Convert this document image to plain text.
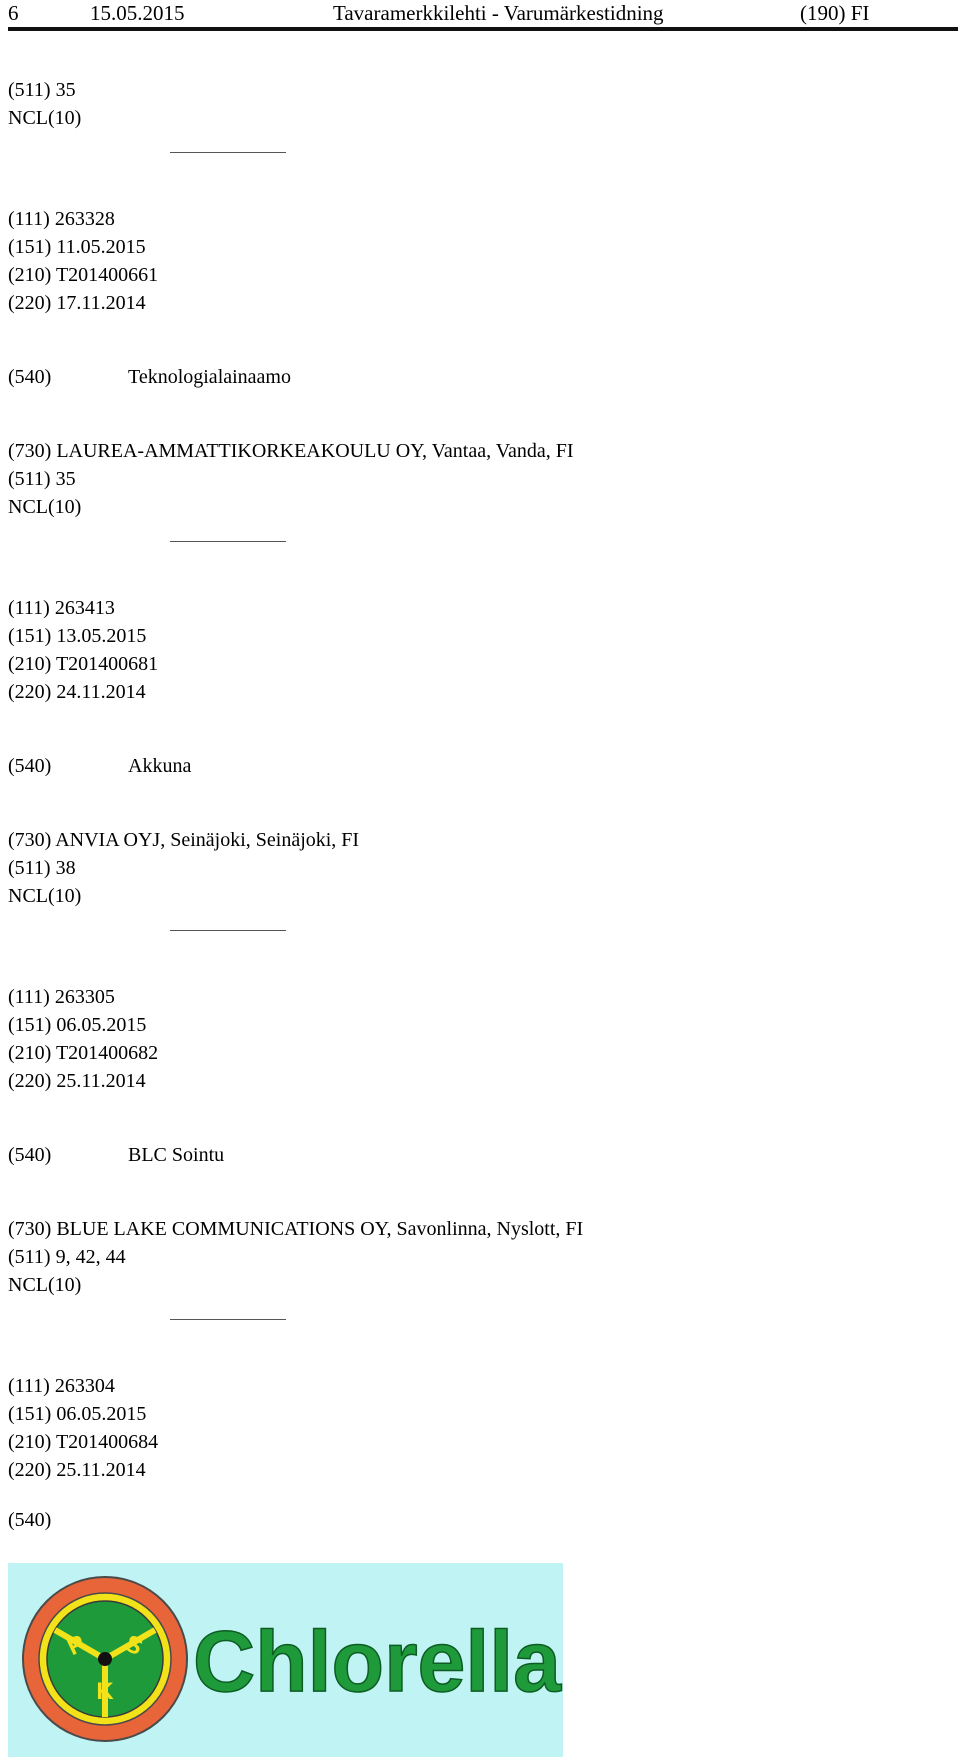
6	15.05.2015	Tavaramerkkilehti - Varumärkestidning	(190) FI
(511) 35
NCL(10)
(111) 263328
(151) 11.05.2015
(210) T201400661
(220) 17.11.2014
(540)	Teknologialainaamo
(730) LAUREA-AMMATTIKORKEAKOULU OY, Vantaa, Vanda, FI
(511) 35
NCL(10)
(111) 263413
(151) 13.05.2015
(210) T201400681
(220) 24.11.2014
(540)	Akkuna
(730) ANVIA OYJ, Seinäjoki, Seinäjoki, FI
(511) 38
NCL(10)
(111) 263305
(151) 06.05.2015
(210) T201400682
(220) 25.11.2014
(540)	BLC Sointu
(730) BLUE LAKE COMMUNICATIONS OY, Savonlinna, Nyslott, FI
(511) 9, 42, 44
NCL(10)
(111) 263304
(151) 06.05.2015
(210) T201400684
(220) 25.11.2014
(540)
P S
K Chlorella
